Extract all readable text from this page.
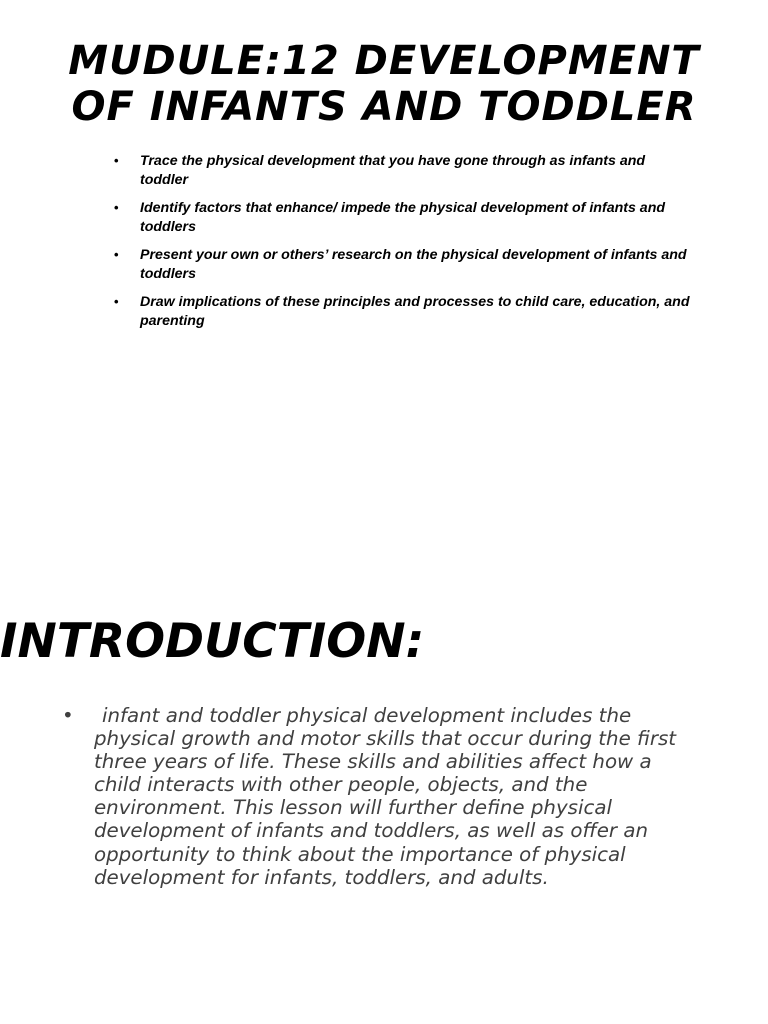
MUDULE:12 DEVELOPMENT
OF INFANTS AND TODDLER
• Trace the physical development that you have gone through as infants and toddler
• Identify factors that enhance/ impede the physical development of infants and toddlers
• Present your own or others’ research on the physical development of infants and toddlers
• Draw implications of these principles and processes to child care, education, and parenting
INTRODUCTION:

•	infant and toddler physical development includes the physical growth and motor skills that occur during the first three years of life. These skills and abilities affect how a child interacts with other people, objects, and the environment. This lesson will further define physical development of infants and toddlers, as well as offer an opportunity to think about the importance of physical development for infants, toddlers, and adults.
